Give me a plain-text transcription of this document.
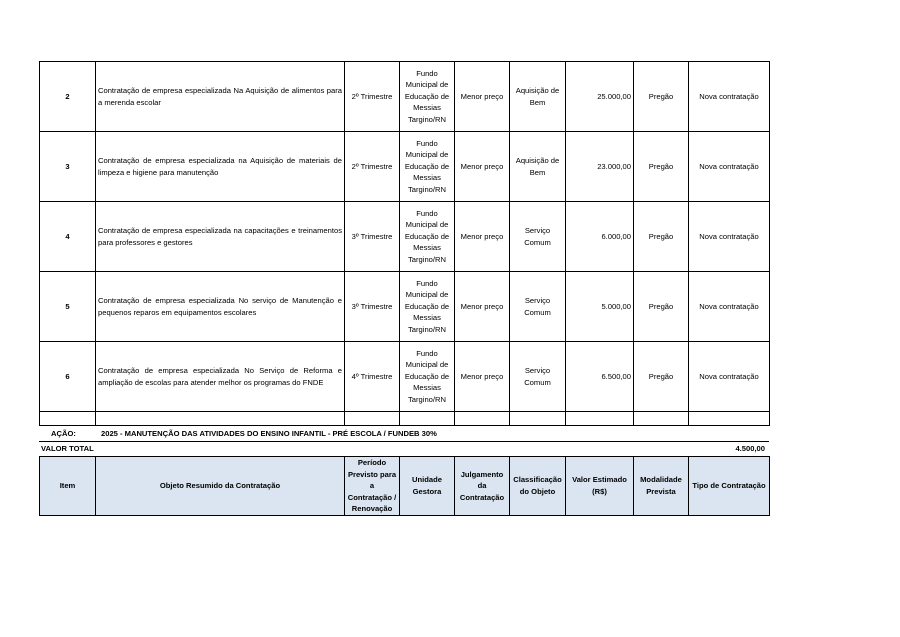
2	Contratação de empresa especializada Na Aquisição de alimentos para a merenda escolar	2º Trimestre	Fundo Municipal de Educação de Messias Targino/RN	Menor preço	Aquisição de Bem	25.000,00	Pregão	Nova contratação
3	Contratação de empresa especializada na Aquisição de materiais de limpeza e higiene para manutenção	2º Trimestre	Fundo Municipal de Educação de Messias Targino/RN	Menor preço	Aquisição de Bem	23.000,00	Pregão	Nova contratação
4	Contratação de empresa especializada na capacitações e treinamentos para professores e gestores	3º Trimestre	Fundo Municipal de Educação de Messias Targino/RN	Menor preço	Serviço Comum	6.000,00	Pregão	Nova contratação
5	Contratação de empresa especializada No serviço de Manutenção e pequenos reparos em equipamentos escolares	3º Trimestre	Fundo Municipal de Educação de Messias Targino/RN	Menor preço	Serviço Comum	5.000,00	Pregão	Nova contratação
6	Contratação de empresa especializada No Serviço de Reforma e ampliação de escolas para atender melhor os programas do FNDE	4º Trimestre	Fundo Municipal de Educação de Messias Targino/RN	Menor preço	Serviço Comum	6.500,00	Pregão	Nova contratação

AÇÃO:	2025 - MANUTENÇÃO DAS ATIVIDADES DO ENSINO INFANTIL - PRÉ ESCOLA / FUNDEB 30%
VALOR TOTAL	4.500,00
Item	Objeto Resumido da Contratação	Período Previsto para a Contratação / Renovação	Unidade Gestora	Julgamento da Contratação	Classificação do Objeto	Valor Estimado (R$)	Modalidade Prevista	Tipo de Contratação
